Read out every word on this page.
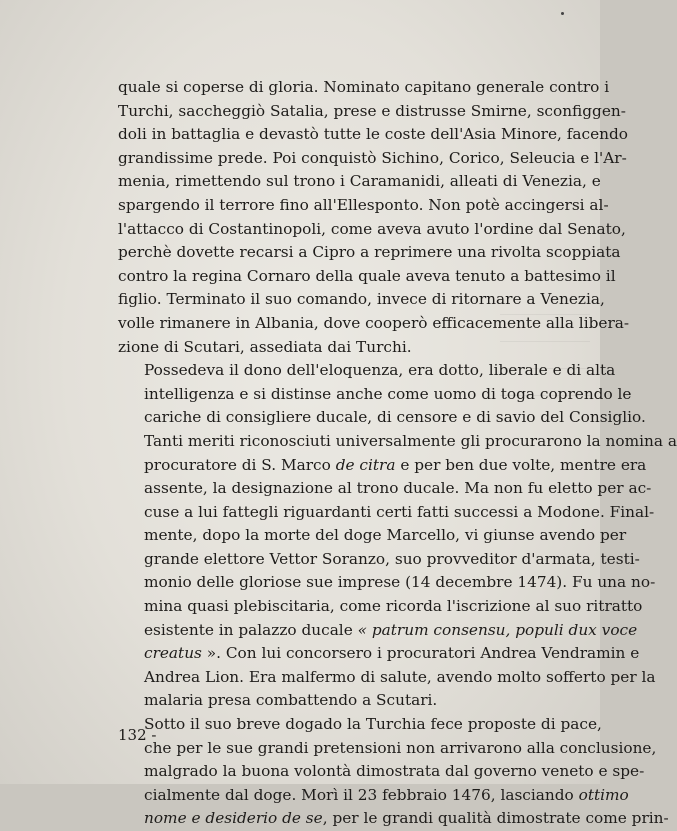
quale si coperse di gloria. Nominato capitano generale contro i
Turchi, saccheggiò Satalia, prese e distrusse Smirne, sconfiggen-
doli in battaglia e devastò tutte le coste dell'Asia Minore, facendo
grandissime prede. Poi conquistò Sichino, Corico, Seleucia e l'Ar-
menia, rimettendo sul trono i Caramanidi, alleati di Venezia, e
spargendo il terrore fino all'Ellesponto. Non potè accingersi al-
l'attacco di Costantinopoli, come aveva avuto l'ordine dal Senato,
perchè dovette recarsi a Cipro a reprimere una rivolta scoppiata
contro la regina Cornaro della quale aveva tenuto a battesimo il
figlio. Terminato il suo comando, invece di ritornare a Venezia,
volle rimanere in Albania, dove cooperò efficacemente alla libera-
zione di Scutari, assediata dai Turchi.

Possedeva il dono dell'eloquenza, era dotto, liberale e di alta
intelligenza e si distinse anche come uomo di toga coprendo le
cariche di consigliere ducale, di censore e di savio del Consiglio.
Tanti meriti riconosciuti universalmente gli procurarono la nomina a
procuratore di S. Marco de citra e per ben due volte, mentre era
assente, la designazione al trono ducale. Ma non fu eletto per ac-
cuse a lui fattegli riguardanti certi fatti successi a Modone. Final-
mente, dopo la morte del doge Marcello, vi giunse avendo per
grande elettore Vettor Soranzo, suo provveditor d'armata, testi-
monio delle gloriose sue imprese (14 decembre 1474). Fu una no-
mina quasi plebiscitaria, come ricorda l'iscrizione al suo ritratto
esistente in palazzo ducale « patrum consensu, populi dux voce
creatus ». Con lui concorsero i procuratori Andrea Vendramin e
Andrea Lion. Era malfermo di salute, avendo molto sofferto per la
malaria presa combattendo a Scutari.

Sotto il suo breve dogado la Turchia fece proposte di pace,
che per le sue grandi pretensioni non arrivarono alla conclusione,
malgrado la buona volontà dimostrata dal governo veneto e spe-
cialmente dal doge. Morì il 23 febbraio 1476, lasciando ottimo
nome e desiderio de se, per le grandi qualità dimostrate come prin-

132 -
